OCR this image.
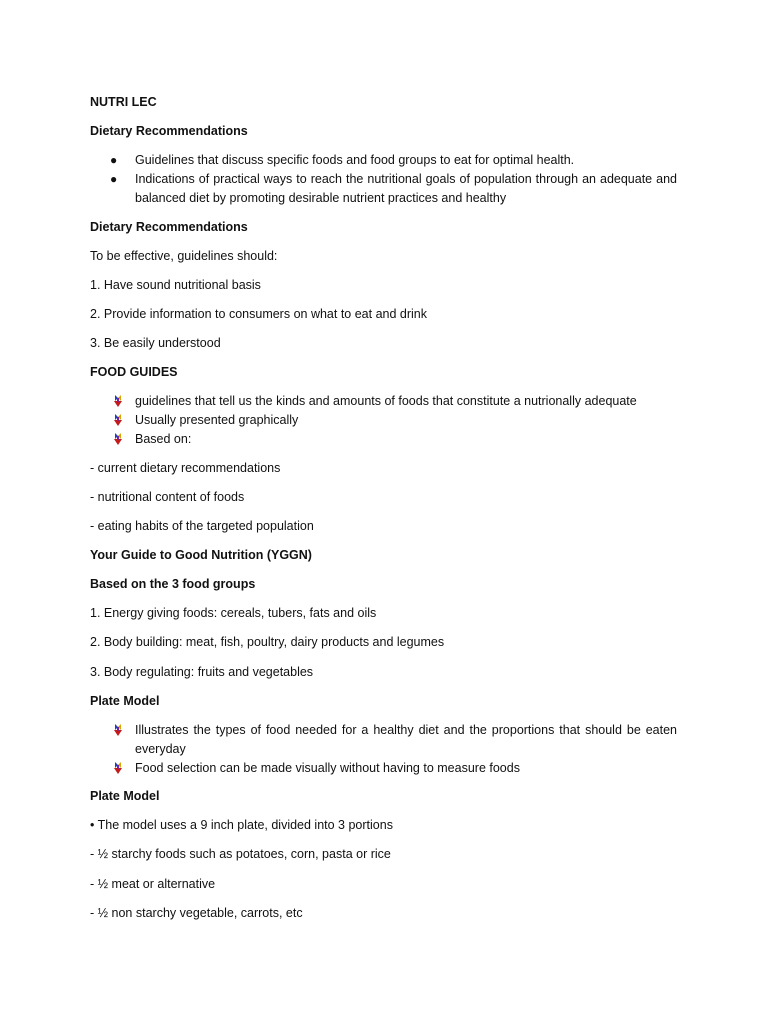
NUTRI LEC
Dietary Recommendations
● Guidelines that discuss specific foods and food groups to eat for optimal health.
● Indications of practical ways to reach the nutritional goals of population through an adequate and balanced diet by promoting desirable nutrient practices and healthy
Dietary Recommendations
To be effective, guidelines should:
1. Have sound nutritional basis
2. Provide information to consumers on what to eat and drink
3. Be easily understood
FOOD GUIDES
guidelines that tell us the kinds and amounts of foods that constitute a nutrionally adequate
Usually presented graphically
Based on:
- current dietary recommendations
- nutritional content of foods
- eating habits of the targeted population
Your Guide to Good Nutrition (YGGN)
Based on the 3 food groups
1. Energy giving foods: cereals, tubers, fats and oils
2. Body building: meat, fish, poultry, dairy products and legumes
3. Body regulating: fruits and vegetables
Plate Model
Illustrates the types of food needed for a healthy diet and the proportions that should be eaten everyday
Food selection can be made visually without having to measure foods
Plate Model
• The model uses a 9 inch plate, divided into 3 portions
- ½ starchy foods such as potatoes, corn, pasta or rice
- ½ meat or alternative
- ½ non starchy vegetable, carrots, etc
